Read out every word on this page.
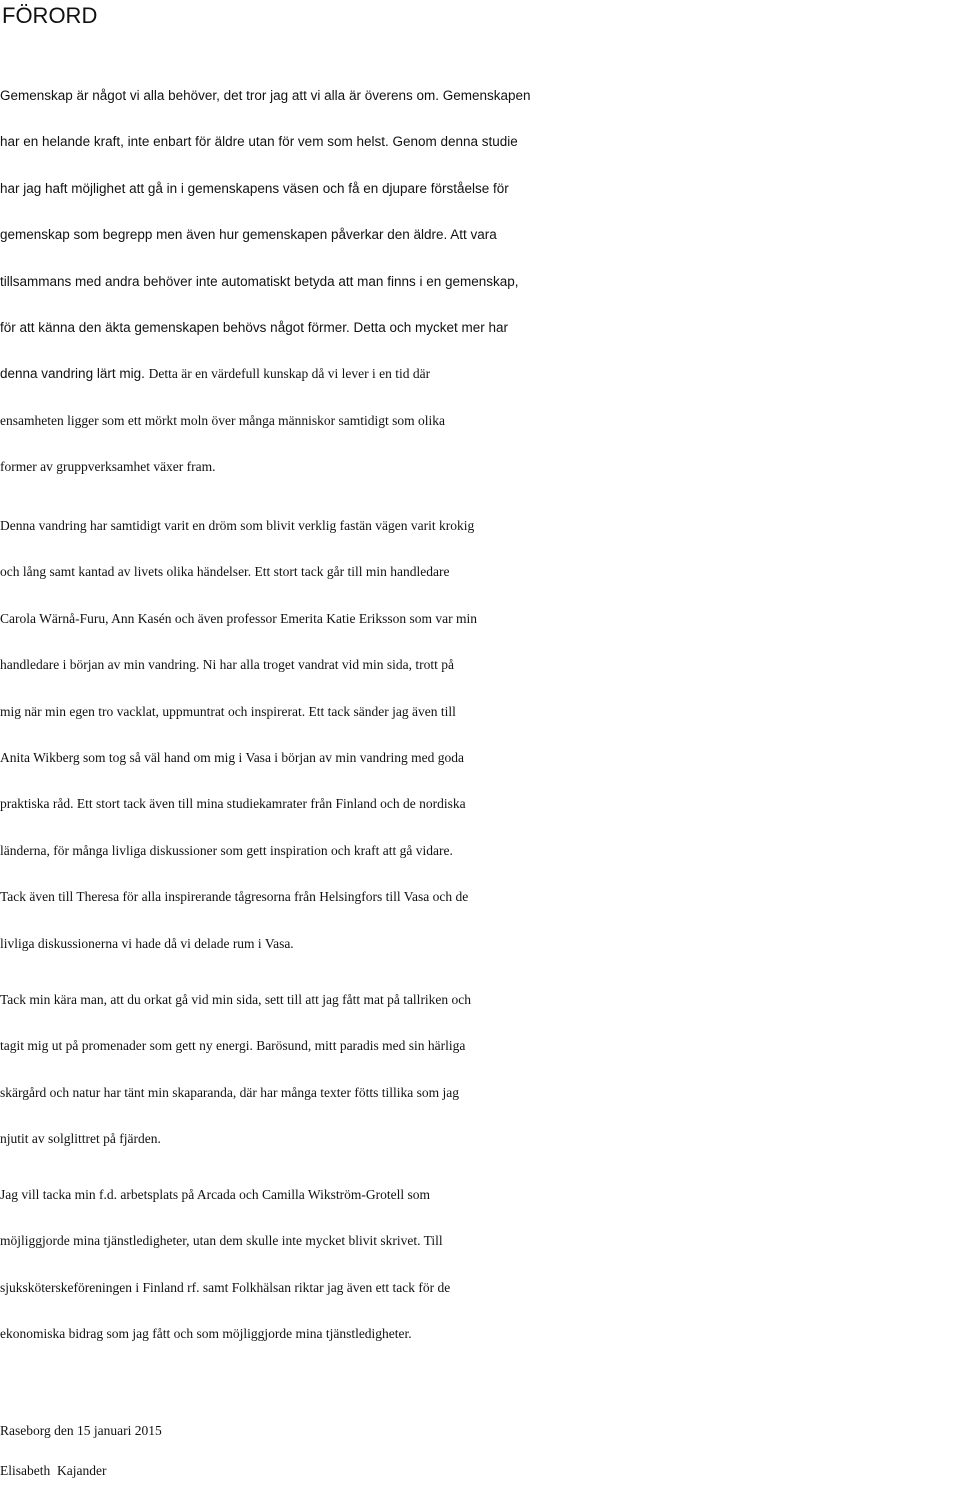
FÖRORD
Gemenskap är något vi alla behöver, det tror jag att vi alla är överens om. Gemenskapen
har en helande kraft, inte enbart för äldre utan för vem som helst. Genom denna studie
har jag haft möjlighet att gå in i gemenskapens väsen och få en djupare förståelse för
gemenskap som begrepp men även hur gemenskapen påverkar den äldre. Att vara
tillsammans med andra behöver inte automatiskt betyda att man finns i en gemenskap,
för att känna den äkta gemenskapen behövs något förmer. Detta och mycket mer har
denna vandring lärt mig. Detta är en värdefull kunskap då vi lever i en tid där
ensamheten ligger som ett mörkt moln över många människor samtidigt som olika
former av gruppverksamhet växer fram.
Denna vandring har samtidigt varit en dröm som blivit verklig fastän vägen varit krokig
och lång samt kantad av livets olika händelser. Ett stort tack går till min handledare
Carola Wärnå-Furu, Ann Kasén och även professor Emerita Katie Eriksson som var min
handledare i början av min vandring. Ni har alla troget vandrat vid min sida, trott på
mig när min egen tro vacklat, uppmuntrat och inspirerat. Ett tack sänder jag även till
Anita Wikberg som tog så väl hand om mig i Vasa i början av min vandring med goda
praktiska råd. Ett stort tack även till mina studiekamrater från Finland och de nordiska
länderna, för många livliga diskussioner som gett inspiration och kraft att gå vidare.
Tack även till Theresa för alla inspirerande tågresorna från Helsingfors till Vasa och de
livliga diskussionerna vi hade då vi delade rum i Vasa.
Tack min kära man, att du orkat gå vid min sida, sett till att jag fått mat på tallriken och
tagit mig ut på promenader som gett ny energi. Barösund, mitt paradis med sin härliga
skärgård och natur har tänt min skaparanda, där har många texter fötts tillika som jag
njutit av solglittret på fjärden.
Jag vill tacka min f.d. arbetsplats på Arcada och Camilla Wikström-Grotell som
möjliggjorde mina tjänstledigheter, utan dem skulle inte mycket blivit skrivet. Till
sjuksköterskeföreningen i Finland rf. samt Folkhälsan riktar jag även ett tack för de
ekonomiska bidrag som jag fått och som möjliggjorde mina tjänstledigheter.
Raseborg den 15 januari 2015
Elisabeth  Kajander
